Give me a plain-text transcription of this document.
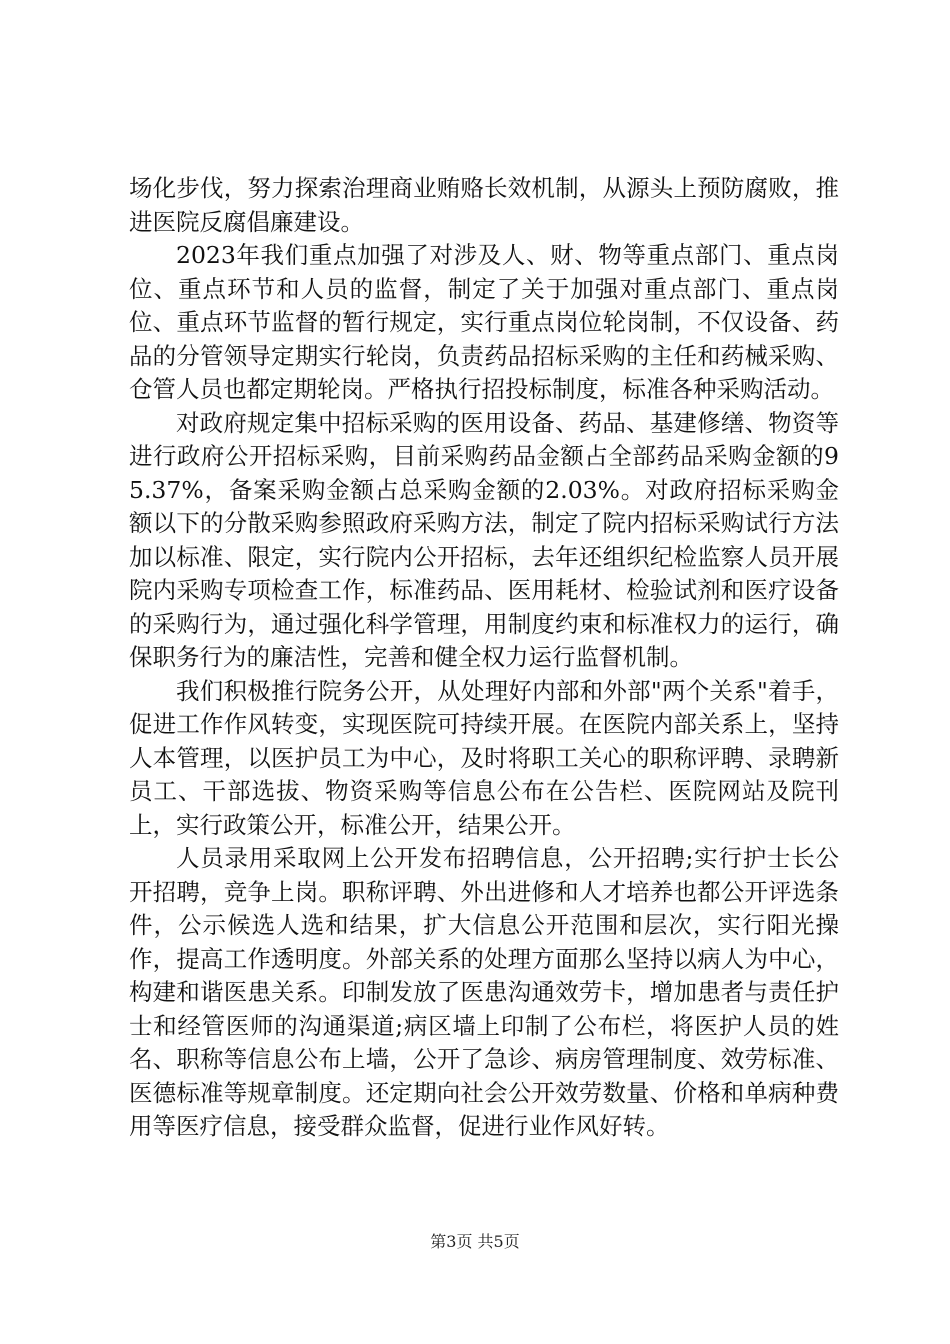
场化步伐，努力探索治理商业贿赂长效机制，从源头上预防腐败，推进医院反腐倡廉建设。

2023年我们重点加强了对涉及人、财、物等重点部门、重点岗位、重点环节和人员的监督，制定了关于加强对重点部门、重点岗位、重点环节监督的暂行规定，实行重点岗位轮岗制，不仅设备、药品的分管领导定期实行轮岗，负责药品招标采购的主任和药械采购、仓管人员也都定期轮岗。严格执行招投标制度，标准各种采购活动。

对政府规定集中招标采购的医用设备、药品、基建修缮、物资等进行政府公开招标采购，目前采购药品金额占全部药品采购金额的95.37%，备案采购金额占总采购金额的2.03%。对政府招标采购金额以下的分散采购参照政府采购方法，制定了院内招标采购试行方法加以标准、限定，实行院内公开招标，去年还组织纪检监察人员开展院内采购专项检查工作，标准药品、医用耗材、检验试剂和医疗设备的采购行为，通过强化科学管理，用制度约束和标准权力的运行，确保职务行为的廉洁性，完善和健全权力运行监督机制。

我们积极推行院务公开，从处理好内部和外部"两个关系"着手，促进工作作风转变，实现医院可持续开展。在医院内部关系上，坚持人本管理，以医护员工为中心，及时将职工关心的职称评聘、录聘新员工、干部选拔、物资采购等信息公布在公告栏、医院网站及院刊上，实行政策公开，标准公开，结果公开。

人员录用采取网上公开发布招聘信息，公开招聘;实行护士长公开招聘，竞争上岗。职称评聘、外出进修和人才培养也都公开评选条件，公示候选人选和结果，扩大信息公开范围和层次，实行阳光操作，提高工作透明度。外部关系的处理方面那么坚持以病人为中心，构建和谐医患关系。印制发放了医患沟通效劳卡，增加患者与责任护士和经管医师的沟通渠道;病区墙上印制了公布栏，将医护人员的姓名、职称等信息公布上墙，公开了急诊、病房管理制度、效劳标准、医德标准等规章制度。还定期向社会公开效劳数量、价格和单病种费用等医疗信息，接受群众监督，促进行业作风好转。

第3页 共5页
